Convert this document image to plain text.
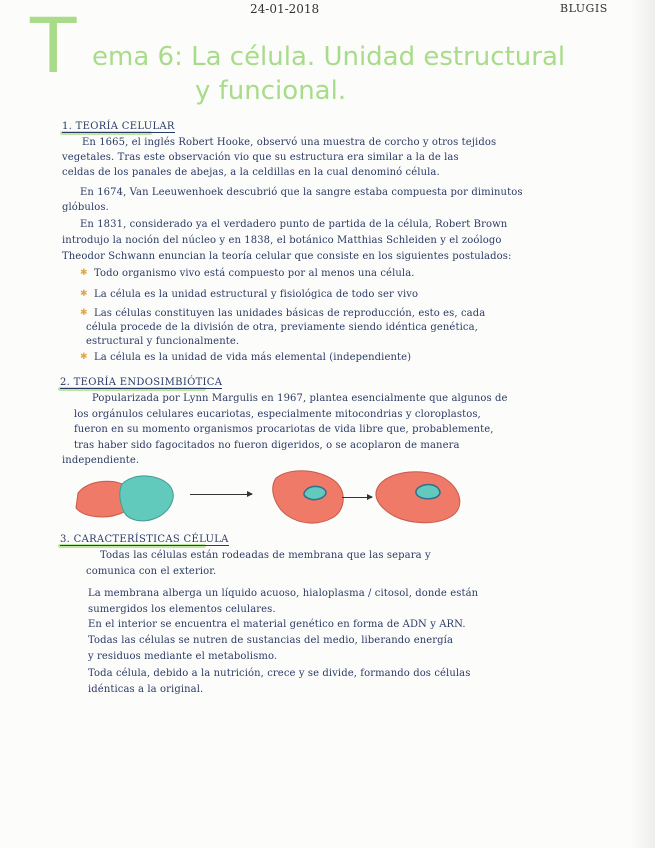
24-01-2018	BLUGIS
T ema 6: La célula. Unidad estructural
y funcional.
1. TEORÍA CELULAR
En 1665, el inglés Robert Hooke, observó una muestra de corcho y otros tejidos
vegetales. Tras este observación vio que su estructura era similar a la de las
celdas de los panales de abejas, a la celdillas en la cual denominó célula.
En 1674, Van Leeuwenhoek descubrió que la sangre estaba compuesta por diminutos
glóbulos.
En 1831, considerado ya el verdadero punto de partida de la célula, Robert Brown
introdujo la noción del núcleo y en 1838, el botánico Matthias Schleiden y el zoólogo
Theodor Schwann enuncian la teoría celular que consiste en los siguientes postulados:
✱ Todo organismo vivo está compuesto por al menos una célula.
✱ La célula es la unidad estructural y fisiológica de todo ser vivo
✱ Las células constituyen las unidades básicas de reproducción, esto es, cada
célula procede de la división de otra, previamente siendo idéntica genética,
estructural y funcionalmente.
✱ La célula es la unidad de vida más elemental (independiente)
2. TEORÍA ENDOSIMBIÓTICA
Popularizada por Lynn Margulis en 1967, plantea esencialmente que algunos de
los orgánulos celulares eucariotas, especialmente mitocondrias y cloroplastos,
fueron en su momento organismos procariotas de vida libre que, probablemente,
tras haber sido fagocitados no fueron digeridos, o se acoplaron de manera
independiente.
3. CARACTERÍSTICAS CÉLULA
Todas las células están rodeadas de membrana que las separa y
comunica con el exterior.
La membrana alberga un líquido acuoso, hialoplasma / citosol, donde están
sumergidos los elementos celulares.
En el interior se encuentra el material genético en forma de ADN y ARN.
Todas las células se nutren de sustancias del medio, liberando energía
y residuos mediante el metabolismo.
Toda célula, debido a la nutrición, crece y se divide, formando dos células
idénticas a la original.
